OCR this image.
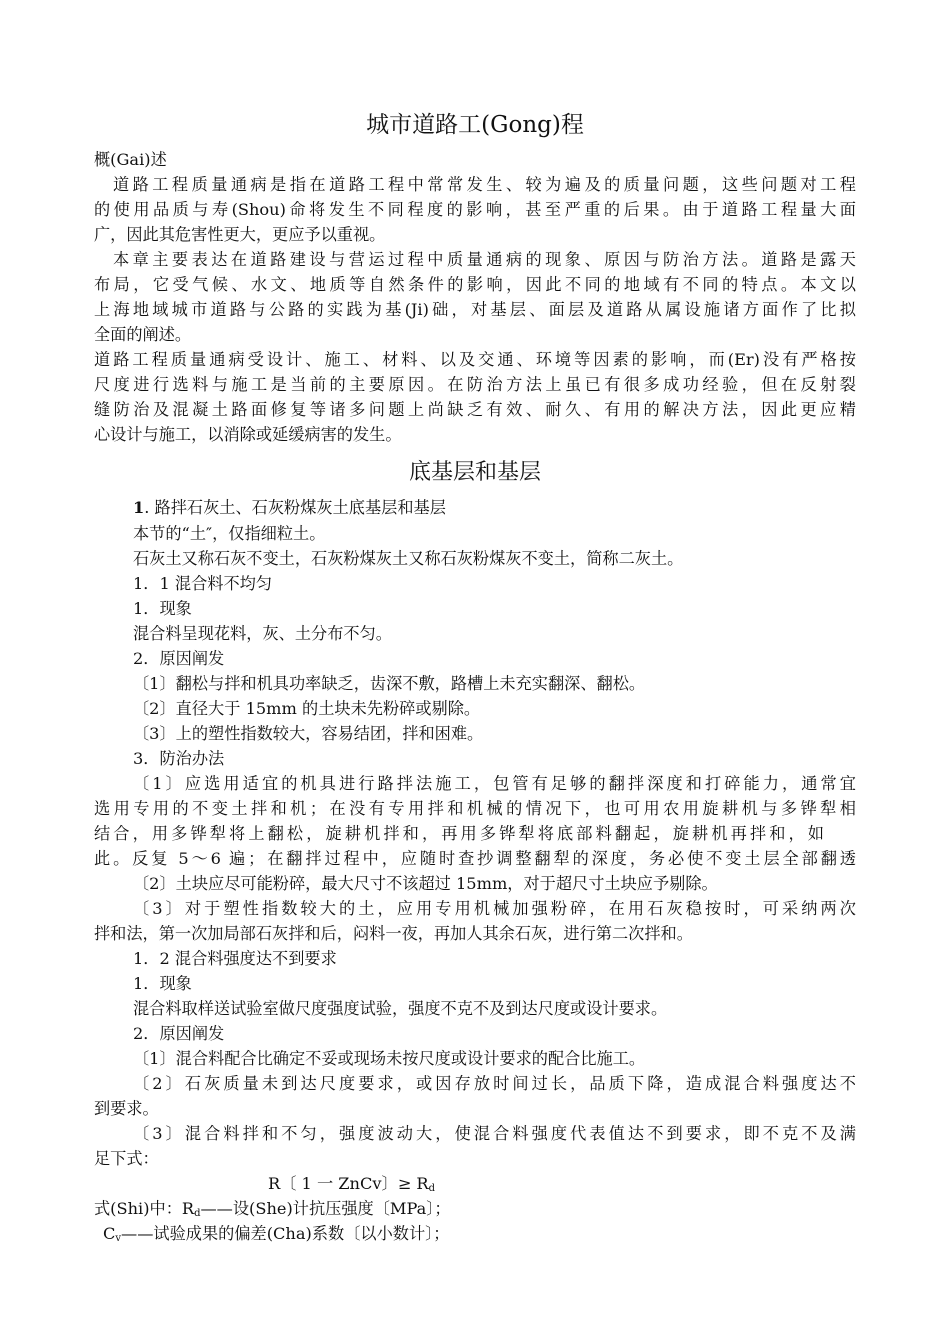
城市道路工(Gong)程
概(Gai)述
道路工程质量通病是指在道路工程中常常发生、较为遍及的质量问题，这些问题对工程
的使用品质与寿(Shou)命将发生不同程度的影响，甚至严重的后果。由于道路工程量大面
广，因此其危害性更大，更应予以重视。
本章主要表达在道路建设与营运过程中质量通病的现象、原因与防治方法。道路是露天
布局，它受气候、水文、地质等自然条件的影响，因此不同的地域有不同的特点。本文以
上海地域城市道路与公路的实践为基(Ji)础，对基层、面层及道路从属设施诸方面作了比拟
全面的阐述。
道路工程质量通病受设计、施工、材料、以及交通、环境等因素的影响，而(Er)没有严格按
尺度进行选料与施工是当前的主要原因。在防治方法上虽已有很多成功经验，但在反射裂
缝防治及混凝土路面修复等诸多问题上尚缺乏有效、耐久、有用的解决方法，因此更应精
心设计与施工，以消除或延缓病害的发生。
底基层和基层
1. 路拌石灰土、石灰粉煤灰土底基层和基层
本节的“土″，仅指细粒土。
石灰土又称石灰不变土，石灰粉煤灰土又称石灰粉煤灰不变土，简称二灰土。
1．1 混合料不均匀
1．现象
混合料呈现花料，灰、土分布不匀。
2．原因阐发
〔1〕翻松与拌和机具功率缺乏，齿深不敷，路槽上未充实翻深、翻松。
〔2〕直径大于 15mm 的土块未先粉碎或剔除。
〔3〕上的塑性指数较大，容易结团，拌和困难。
3．防治办法
〔1〕应选用适宜的机具进行路拌法施工，包管有足够的翻拌深度和打碎能力，通常宜
选用专用的不变土拌和机；在没有专用拌和机械的情况下，也可用农用旋耕机与多铧犁相
结合，用多铧犁将上翻松，旋耕机拌和，再用多铧犁将底部料翻起，旋耕机再拌和，如
此。反复 5～6 遍；在翻拌过程中，应随时查抄调整翻犁的深度，务必使不变土层全部翻透
〔2〕土块应尽可能粉碎，最大尺寸不该超过 15mm，对于超尺寸土块应予剔除。
〔3〕对于塑性指数较大的土，应用专用机械加强粉碎，在用石灰稳按时，可采纳两次
拌和法，第一次加局部石灰拌和后，闷料一夜，再加人其余石灰，进行第二次拌和。
1．2 混合料强度达不到要求
1．现象
混合料取样送试验室做尺度强度试验，强度不克不及到达尺度或设计要求。
2．原因阐发
〔1〕混合料配合比确定不妥或现场未按尺度或设计要求的配合比施工。
〔2〕石灰质量未到达尺度要求，或因存放时间过长，品质下降，造成混合料强度达不
到要求。
〔3〕混合料拌和不匀，强度波动大，使混合料强度代表值达不到要求，即不克不及满
足下式：
R〔 1 一 ZnCv〕≥ $R_d$
式(Shi)中：$R_d——$设(She)计抗压强度〔MPa〕；
$C_v——$试验成果的偏差(Cha)系数〔以小数计〕；
